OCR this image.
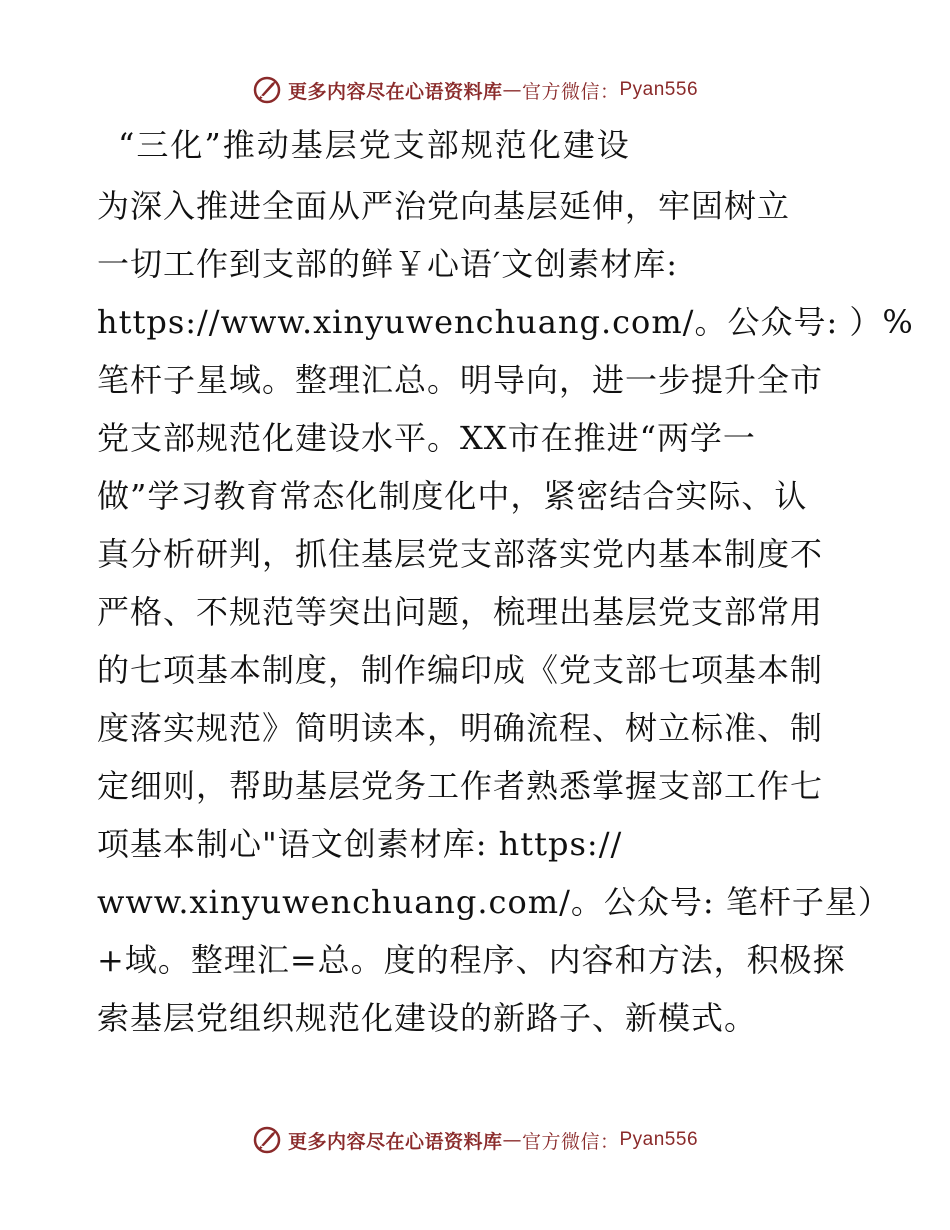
更多内容尽在心语资料库 — 官方微信： Pyan556
“三化”推动基层党支部规范化建设
为深入推进全面从严治党向基层延伸，牢固树立
一切工作到支部的鲜￥心语′文创素材库:
https://www.xinyuwenchuang.com/。公众号: ）%
笔杆子星域。整理汇总。明导向，进一步提升全市
党支部规范化建设水平。XX市在推进“两学一
做”学习教育常态化制度化中，紧密结合实际、认
真分析研判，抓住基层党支部落实党内基本制度不
严格、不规范等突出问题，梳理出基层党支部常用
的七项基本制度，制作编印成《党支部七项基本制
度落实规范》简明读本，明确流程、树立标准、制
定细则，帮助基层党务工作者熟悉掌握支部工作七
项基本制心"语文创素材库: https://
www.xinyuwenchuang.com/。公众号: 笔杆子星）
+域。整理汇=总。度的程序、内容和方法，积极探
索基层党组织规范化建设的新路子、新模式。
更多内容尽在心语资料库 — 官方微信： Pyan556
